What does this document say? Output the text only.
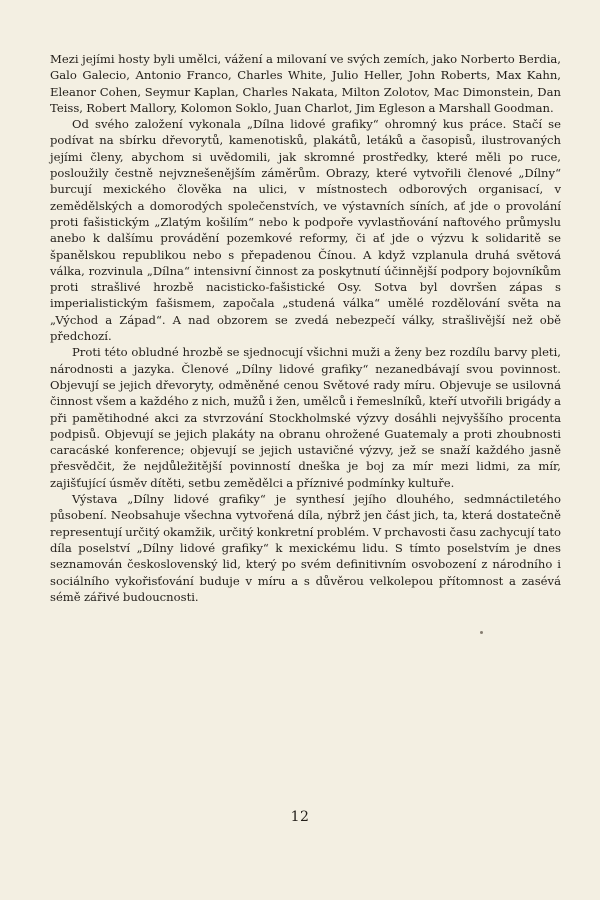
Mezi jejími hosty byli umělci, vážení a milovaní ve svých zemích, jako Norberto Berdia, Galo Galecio, Antonio Franco, Charles White, Julio Heller, John Roberts, Max Kahn, Eleanor Cohen, Seymur Kaplan, Charles Nakata, Milton Zolotov, Mac Dimonstein, Dan Teiss, Robert Mallory, Kolomon Soklo, Juan Charlot, Jim Egleson a Marshall Goodman.

Od svého založení vykonala „Dílna lidové grafiky“ ohromný kus práce. Stačí se podívat na sbírku dřevorytů, kamenotisků, plakátů, letáků a časopisů, ilustrovaných jejími členy, abychom si uvědomili, jak skromné prostředky, které měli po ruce, posloužily čestně nejvznešenějším záměrům. Obrazy, které vytvořili členové „Dílny“ burcují mexického člověka na ulici, v místnostech odborových organisací, v zemědělských a domorodých společenstvích, ve výstavních síních, ať jde o provolání proti fašistickým „Zlatým košilím“ nebo k podpoře vyvlastňování naftového průmyslu anebo k dalšímu provádění pozemkové reformy, či ať jde o výzvu k solidaritě se španělskou republikou nebo s přepadenou Čínou. A když vzplanula druhá světová válka, rozvinula „Dílna“ intensivní činnost za poskytnutí účinnější podpory bojovníkům proti strašlivé hrozbě nacisticko-fašistické Osy. Sotva byl dovršen zápas s imperialistickým fašismem, započala „studená válka“ umělé rozdělování světa na „Východ a Západ“. A nad obzorem se zvedá nebezpečí války, strašlivější než obě předchozí.

Proti této obludné hrozbě se sjednocují všichni muži a ženy bez rozdílu barvy pleti, národnosti a jazyka. Členové „Dílny lidové grafiky“ nezanedbávají svou povinnost. Objevují se jejich dřevoryty, odměněné cenou Světové rady míru. Objevuje se usilovná činnost všem a každého z nich, mužů i žen, umělců i řemeslníků, kteří utvořili brigády a při pamětihodné akci za stvrzování Stockholmské výzvy dosáhli nejvyššího procenta podpisů. Objevují se jejich plakáty na obranu ohrožené Guatemaly a proti zhoubnosti caracáské konference; objevují se jejich ustavičné výzvy, jež se snaží každého jasně přesvědčit, že nejdůležitější povinností dneška je boj za mír mezi lidmi, za mír, zajišťující úsměv dítěti, setbu zemědělci a příznivé podmínky kultuře.

Výstava „Dílny lidové grafiky“ je synthesí jejího dlouhého, sedmnáctiletého působení. Neobsahuje všechna vytvořená díla, nýbrž jen část jich, ta, která dostatečně representují určitý okamžik, určitý konkretní problém. V prchavosti času zachycují tato díla poselství „Dílny lidové grafiky“ k mexickému lidu. S tímto poselstvím je dnes seznamován československý lid, který po svém definitivním osvobození z národního i sociálního vykořisťování buduje v míru a s důvěrou velkolepou přítomnost a zasévá sémě zářivé budoucnosti.

12
